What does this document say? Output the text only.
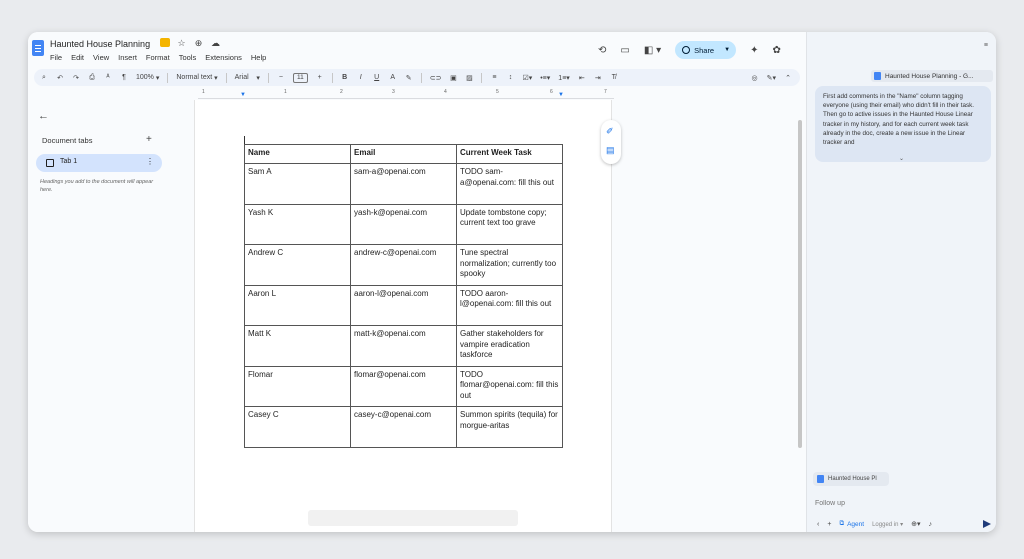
Haunted House Planning	☆ ⊕ ☁
File Edit View Insert Format Tools Extensions Help
⟲ ▭ ◧ ▾	Share ▼ ✦ ✿
⌕ ↶ ↷ ⎙	ᴬ	¶	100% ▾ Normal text ▾ Arial ▾	−	11	+	B I U A ✎	⊂⊃ ▣ ▨	≡	↕	☑▾ •≡▾ 1≡▾ ⇤ ⇥ T̸	◎ ✎▾ ⌃
1	1	2	3	4	5	6	7
▼	▼
←
Document tabs	+
Tab 1	⋮
Headings you add to the document will appear here.
Name	Email	Current Week Task
Sam A	sam-a@openai.com	TODO sam-a@openai.com: fill this out
Yash K	yash-k@openai.com	Update tombstone copy; current text too grave
Andrew C	andrew-c@openai.com	Tune spectral normalization; currently too spooky
Aaron L	aaron-l@openai.com	TODO aaron-l@openai.com: fill this out
Matt K	matt-k@openai.com	Gather stakeholders for vampire eradication taskforce
Flomar	flomar@openai.com	TODO flomar@openai.com: fill this out
Casey C	casey-c@openai.com	Summon spirits (tequila) for morgue-aritas
✐
▤
≡
Haunted House Planning - G...
First add comments in the "Name" column tagging everyone (using their email) who didn't fill in their task. Then go to active issues in the Haunted House Linear tracker in my history, and for each current week task already in the doc, create a new issue in the Linear tracker and
⌄
Haunted House Pl
Follow up
‹ + ⧉ Agent Logged in ▾ ⊕▾ ♪
